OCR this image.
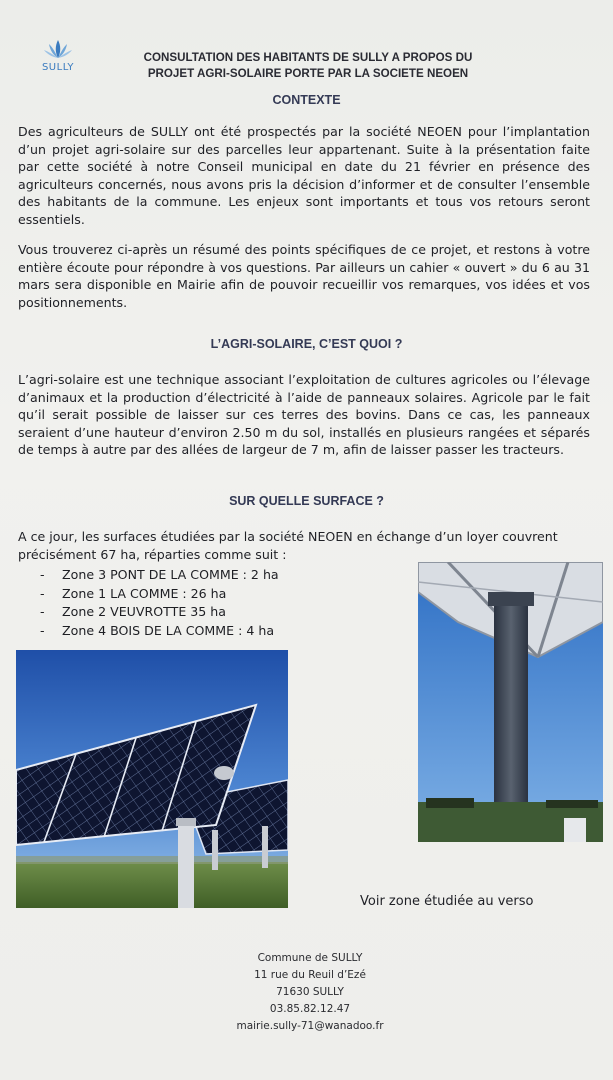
SULLY
CONSULTATION DES HABITANTS DE SULLY A PROPOS DU
PROJET AGRI-SOLAIRE PORTE PAR LA SOCIETE NEOEN
CONTEXTE
Des agriculteurs de SULLY ont été prospectés par la société NEOEN pour l’implantation d’un projet agri-solaire sur des parcelles leur appartenant. Suite à la présentation faite par cette société à notre Conseil municipal en date du 21 février en présence des agriculteurs concernés, nous avons pris la décision d’informer et de consulter l’ensemble des habitants de la commune. Les enjeux sont importants et tous vos retours seront essentiels.
Vous trouverez ci-après un résumé des points spécifiques de ce projet, et restons à votre entière écoute pour répondre à vos questions. Par ailleurs un cahier « ouvert » du 6 au 31 mars sera disponible en Mairie afin de pouvoir recueillir vos remarques, vos idées et vos positionnements.
L’AGRI-SOLAIRE, C’EST QUOI ?
L’agri-solaire est une technique associant l’exploitation de cultures agricoles ou l’élevage d’animaux et la production d’électricité à l’aide de panneaux solaires. Agricole par le fait qu’il serait possible de laisser sur ces terres des bovins. Dans ce cas, les panneaux seraient d’une hauteur d’environ 2.50 m du sol, installés en plusieurs rangées et séparés de temps à autre par des allées de largeur de 7 m, afin de laisser passer les tracteurs.
SUR QUELLE SURFACE ?
A ce jour, les surfaces étudiées par la société NEOEN en échange d’un loyer couvrent précisément 67 ha, réparties comme suit :
- Zone 3 PONT DE LA COMME : 2 ha
- Zone 1 LA COMME : 26 ha
- Zone 2 VEUVROTTE 35 ha
- Zone 4 BOIS DE LA COMME : 4 ha
Voir zone étudiée au verso
Commune de SULLY
11 rue du Reuil d’Ezé
71630 SULLY
03.85.82.12.47
mairie.sully-71@wanadoo.fr
